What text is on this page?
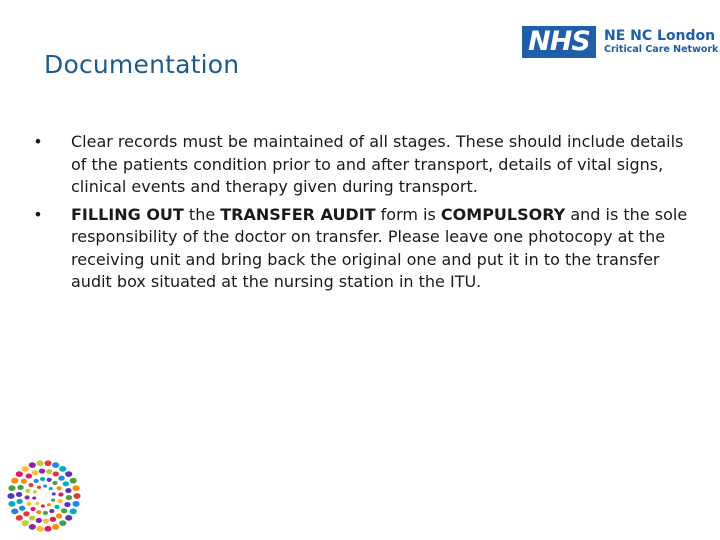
Documentation
NHS	NE NC London
Critical Care Network
• Clear records must be maintained of all stages. These should include details of the patients condition prior to and after transport, details of vital signs, clinical events and therapy given during transport.
• FILLING OUT the TRANSFER AUDIT form is COMPULSORY and is the sole responsibility of the doctor on transfer. Please leave one photocopy at the receiving unit and bring back the original one and put it in to the transfer audit box situated at the nursing station in the ITU.
